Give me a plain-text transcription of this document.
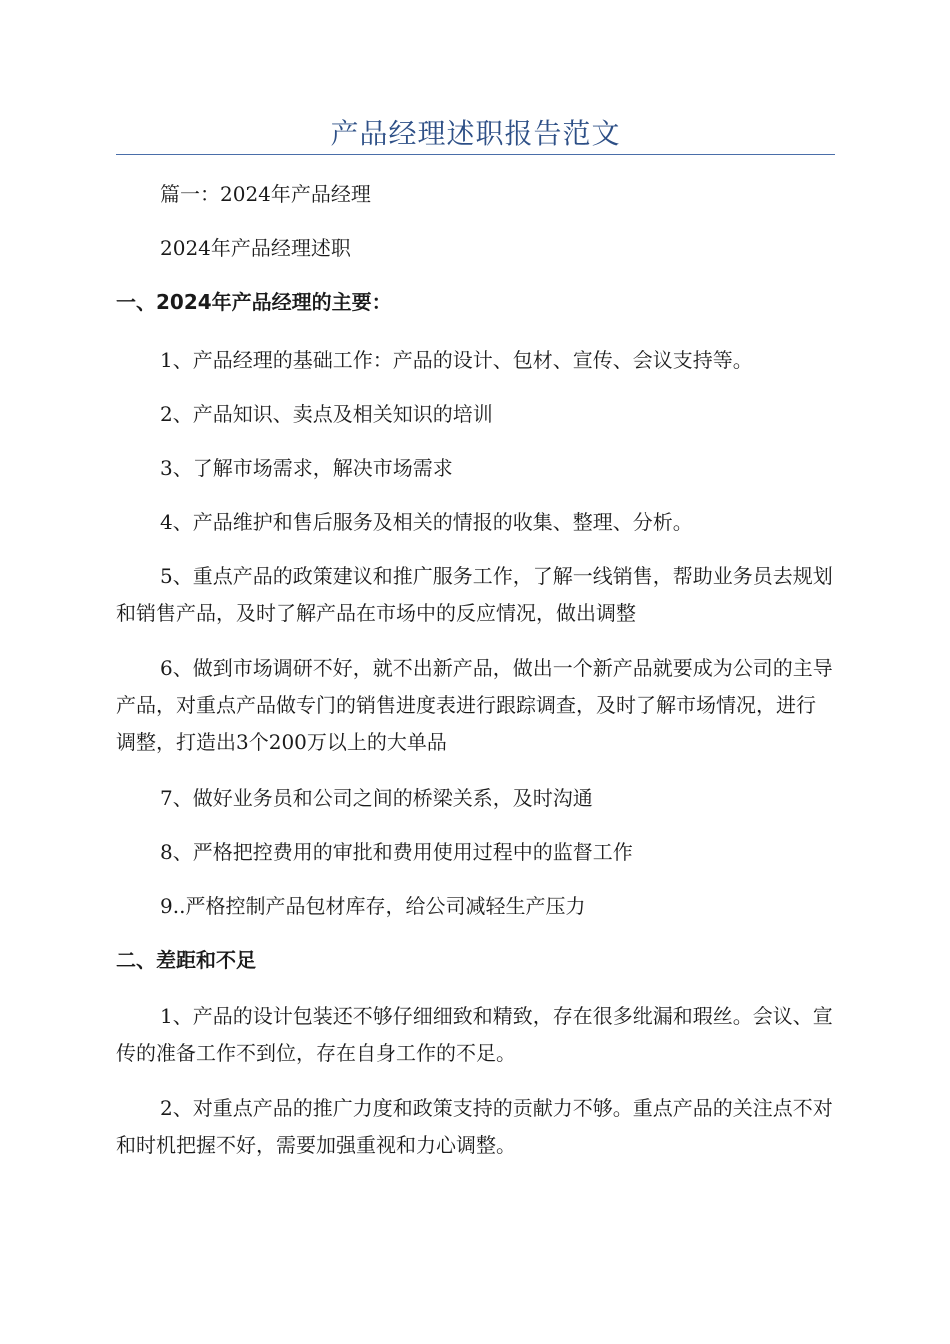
产品经理述职报告范文

篇一：2024年产品经理

2024年产品经理述职

一、2024年产品经理的主要：

1、产品经理的基础工作：产品的设计、包材、宣传、会议支持等。

2、产品知识、卖点及相关知识的培训

3、了解市场需求，解决市场需求

4、产品维护和售后服务及相关的情报的收集、整理、分析。

5、重点产品的政策建议和推广服务工作，了解一线销售，帮助业务员去规划和销售产品，及时了解产品在市场中的反应情况，做出调整

6、做到市场调研不好，就不出新产品，做出一个新产品就要成为公司的主导产品，对重点产品做专门的销售进度表进行跟踪调查，及时了解市场情况，进行调整，打造出3个200万以上的大单品

7、做好业务员和公司之间的桥梁关系，及时沟通

8、严格把控费用的审批和费用使用过程中的监督工作

9..严格控制产品包材库存，给公司减轻生产压力

二、差距和不足

1、产品的设计包装还不够仔细细致和精致，存在很多纰漏和瑕丝。会议、宣传的准备工作不到位，存在自身工作的不足。

2、对重点产品的推广力度和政策支持的贡献力不够。重点产品的关注点不对和时机把握不好，需要加强重视和力心调整。
